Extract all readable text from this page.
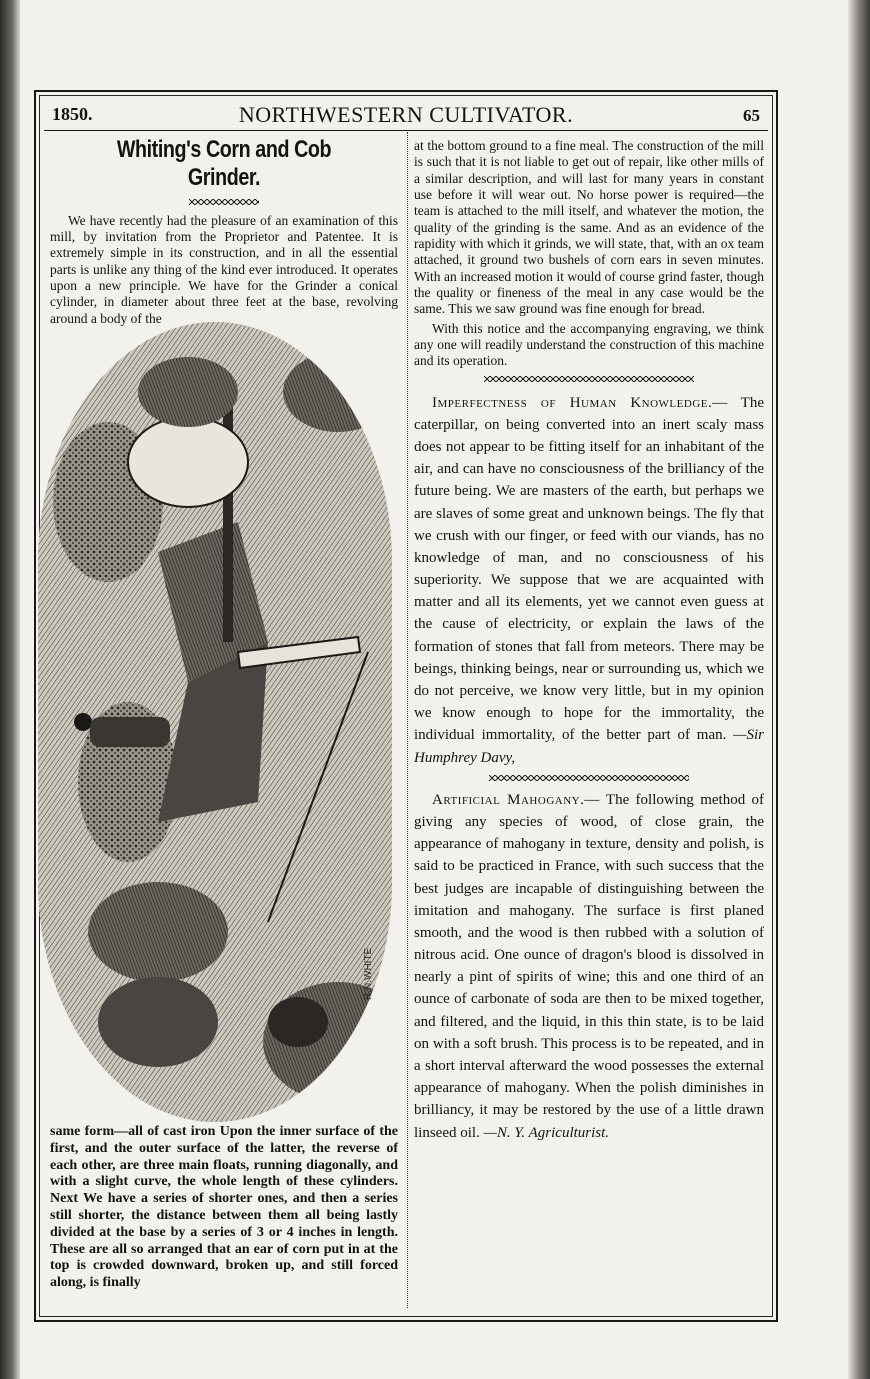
1850.	NORTHWESTERN CULTIVATOR.	65
Whiting's Corn and Cob Grinder.

We have recently had the pleasure of an examination of this mill, by invitation from the Proprietor and Patentee. It is extremely simple in its construction, and in all the essential parts is unlike any thing of the kind ever introduced. It operates upon a new principle. We have for the Grinder a conical cylinder, in diameter about three feet at the base, revolving around a body of the

R.N.WHITE

same form—all of cast iron Upon the inner surface of the first, and the outer surface of the latter, the reverse of each other, are three main floats, running diagonally, and with a slight curve, the whole length of these cylinders. Next We have a series of shorter ones, and then a series still shorter, the distance between them all being lastly divided at the base by a series of 3 or 4 inches in length. These are all so arranged that an ear of corn put in at the top is crowded downward, broken up, and still forced along, is finally

at the bottom ground to a fine meal. The construction of the mill is such that it is not liable to get out of repair, like other mills of a similar description, and will last for many years in constant use before it will wear out. No horse power is required—the team is attached to the mill itself, and whatever the motion, the quality of the grinding is the same. And as an evidence of the rapidity with which it grinds, we will state, that, with an ox team attached, it ground two bushels of corn ears in seven minutes. With an increased motion it would of course grind faster, though the quality or fineness of the meal in any case would be the same. This we saw ground was fine enough for bread.

With this notice and the accompanying engraving, we think any one will readily understand the construction of this machine and its operation.

Imperfectness of Human Knowledge.— The caterpillar, on being converted into an inert scaly mass does not appear to be fitting itself for an inhabitant of the air, and can have no consciousness of the brilliancy of the future being. We are masters of the earth, but perhaps we are slaves of some great and unknown beings. The fly that we crush with our finger, or feed with our viands, has no knowledge of man, and no consciousness of his superiority. We suppose that we are acquainted with matter and all its elements, yet we cannot even guess at the cause of electricity, or explain the laws of the formation of stones that fall from meteors. There may be beings, thinking beings, near or surrounding us, which we do not perceive, we know very little, but in my opinion we know enough to hope for the immortality, the individual immortality, of the better part of man. —Sir Humphrey Davy,

Artificial Mahogany.— The following method of giving any species of wood, of close grain, the appearance of mahogany in texture, density and polish, is said to be practiced in France, with such success that the best judges are incapable of distinguishing between the imitation and mahogany. The surface is first planed smooth, and the wood is then rubbed with a solution of nitrous acid. One ounce of dragon's blood is dissolved in nearly a pint of spirits of wine; this and one third of an ounce of carbonate of soda are then to be mixed together, and filtered, and the liquid, in this thin state, is to be laid on with a soft brush. This process is to be repeated, and in a short interval afterward the wood possesses the external appearance of mahogany. When the polish diminishes in brilliancy, it may be restored by the use of a little drawn linseed oil. —N. Y. Agriculturist.
